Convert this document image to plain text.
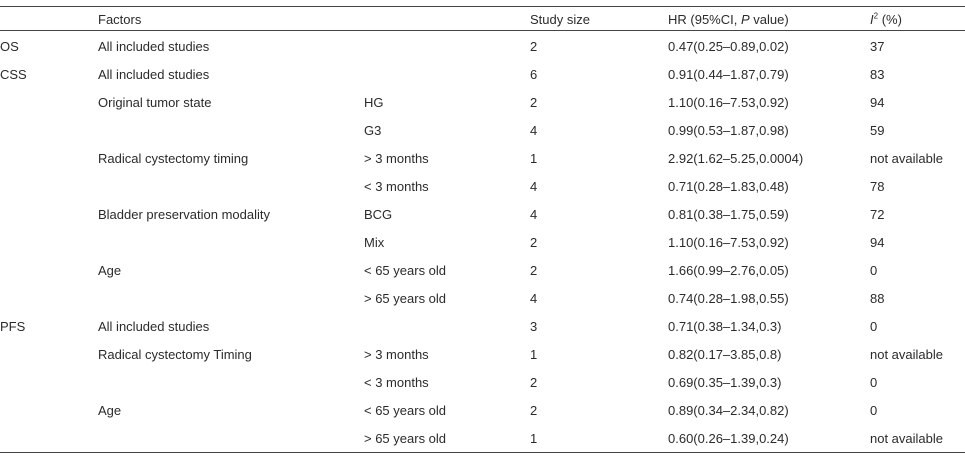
	Factors		Study size	HR (95%CI, P value)	$I^2$ (%)
OS	All included studies		2	0.47(0.25–0.89,0.02)	37
CSS	All included studies		6	0.91(0.44–1.87,0.79)	83
	Original tumor state	HG	2	1.10(0.16–7.53,0.92)	94
		G3	4	0.99(0.53–1.87,0.98)	59
	Radical cystectomy timing	> 3 months	1	2.92(1.62–5.25,0.0004)	not available
		< 3 months	4	0.71(0.28–1.83,0.48)	78
	Bladder preservation modality	BCG	4	0.81(0.38–1.75,0.59)	72
		Mix	2	1.10(0.16–7.53,0.92)	94
	Age	< 65 years old	2	1.66(0.99–2.76,0.05)	0
		> 65 years old	4	0.74(0.28–1.98,0.55)	88
PFS	All included studies		3	0.71(0.38–1.34,0.3)	0
	Radical cystectomy Timing	> 3 months	1	0.82(0.17–3.85,0.8)	not available
		< 3 months	2	0.69(0.35–1.39,0.3)	0
	Age	< 65 years old	2	0.89(0.34–2.34,0.82)	0
		> 65 years old	1	0.60(0.26–1.39,0.24)	not available
